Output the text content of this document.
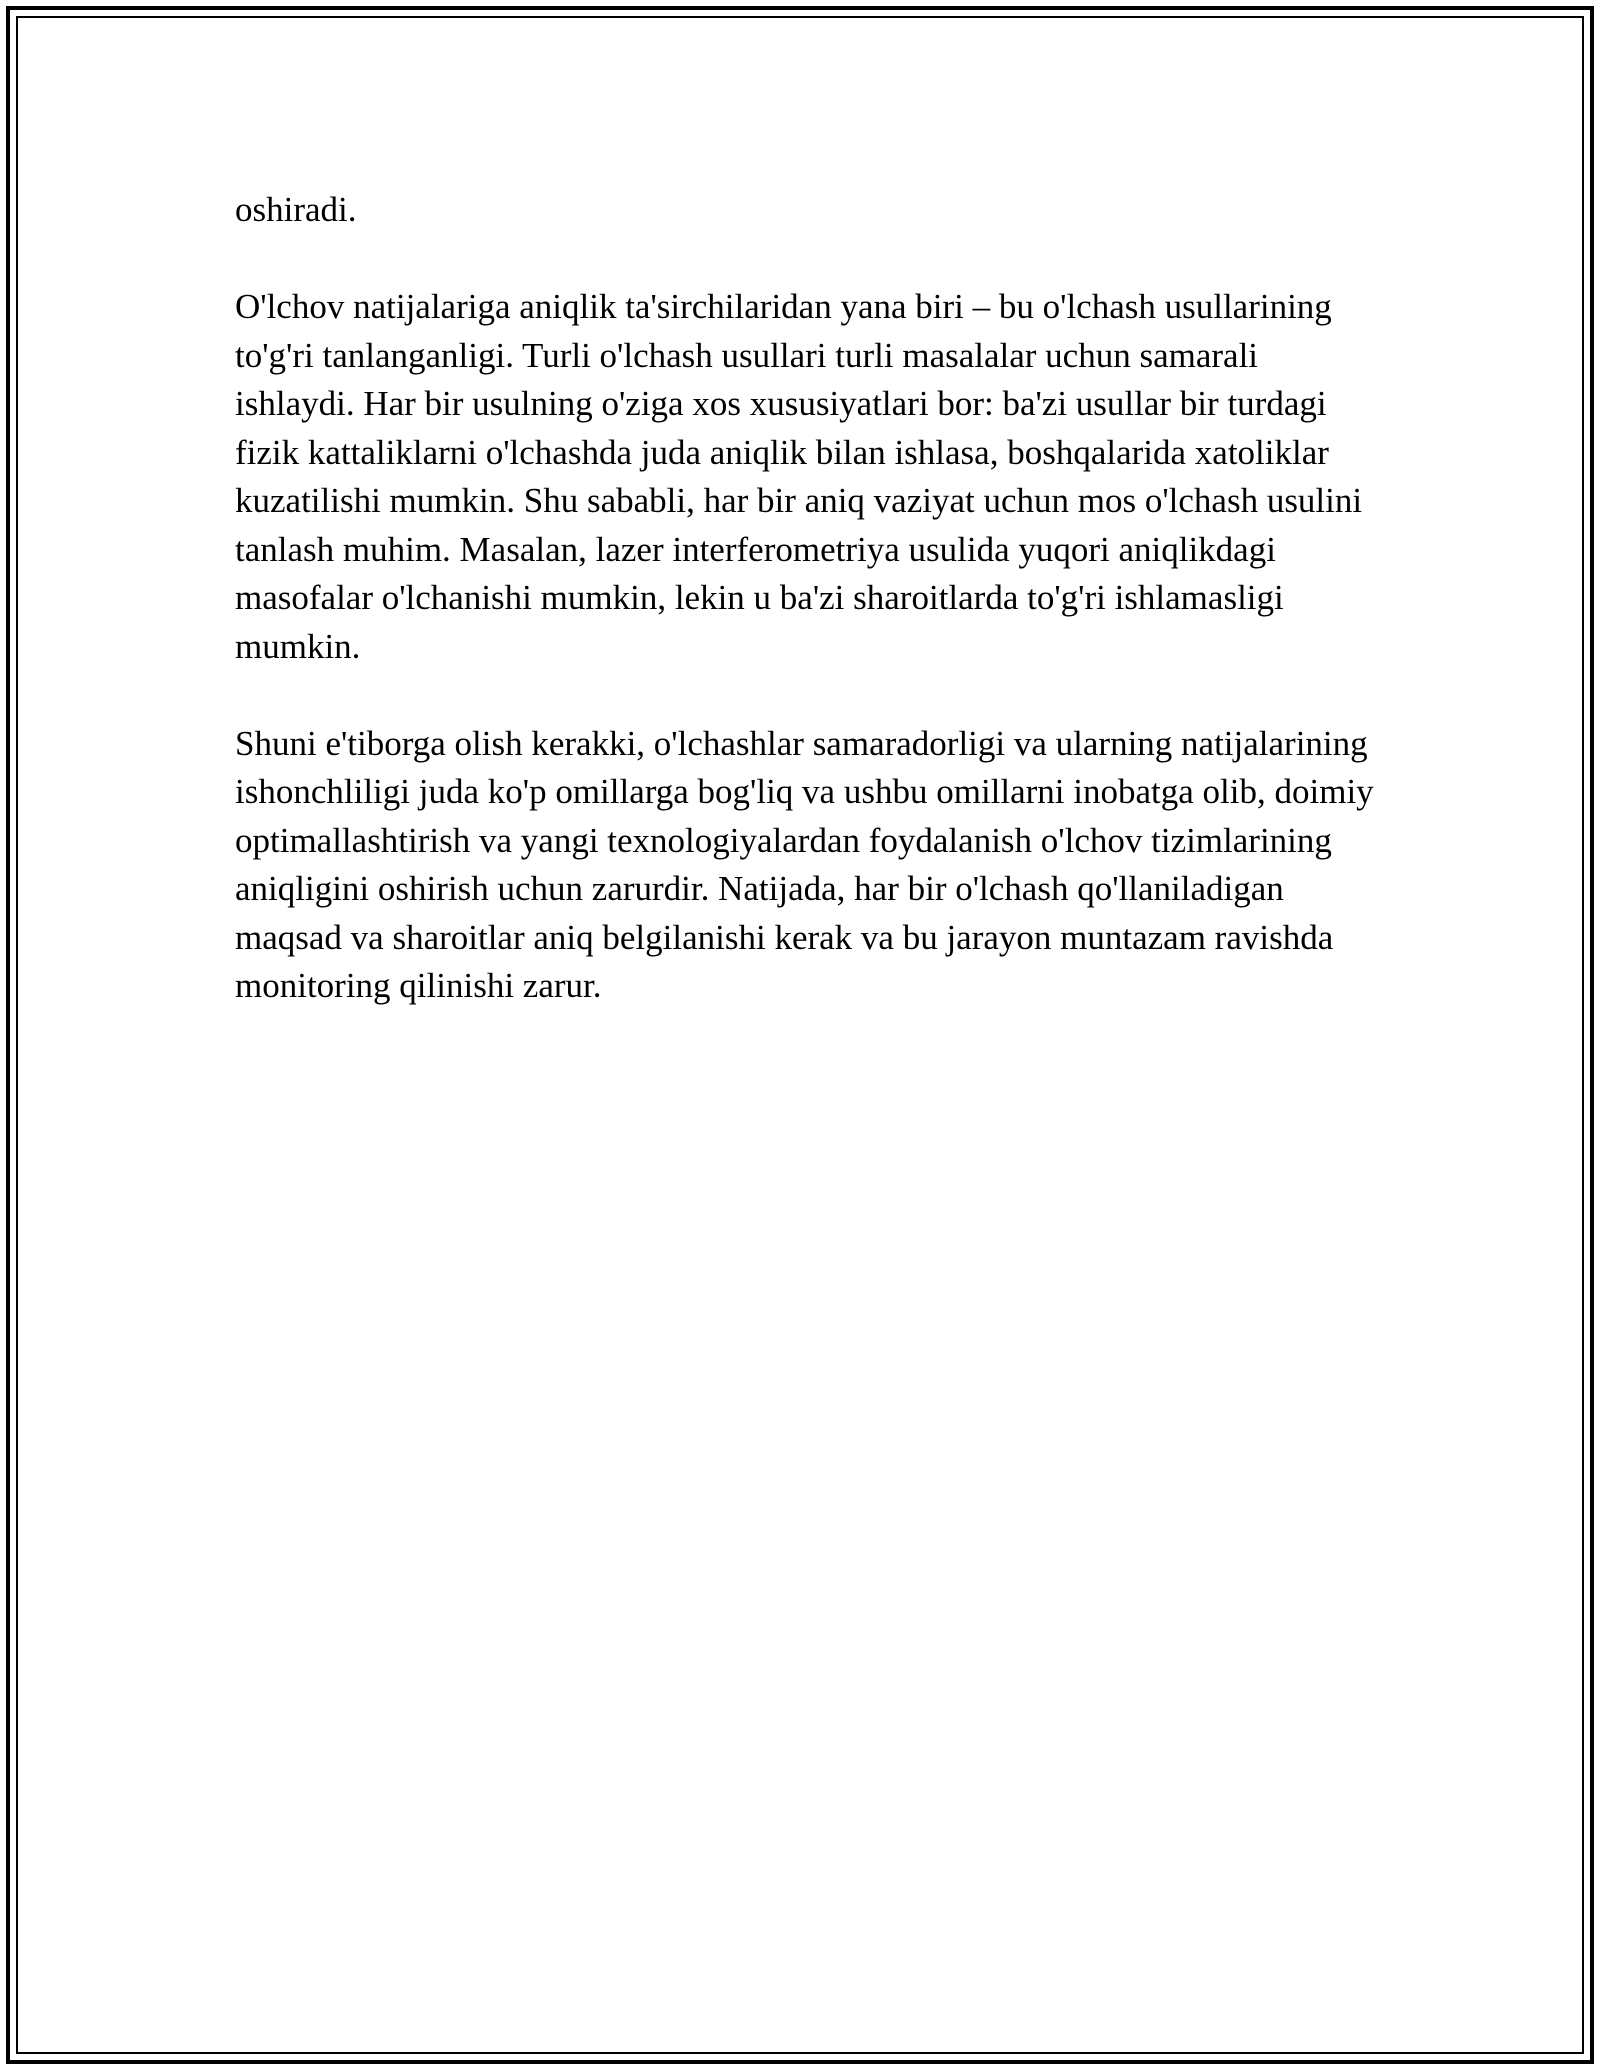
oshiradi.

O'lchov natijalariga aniqlik ta'sirchilaridan yana biri – bu o'lchash usullarining to'g'ri tanlanganligi. Turli o'lchash usullari turli masalalar uchun samarali ishlaydi. Har bir usulning o'ziga xos xususiyatlari bor: ba'zi usullar bir turdagi fizik kattaliklarni o'lchashda juda aniqlik bilan ishlasa, boshqalarida xatoliklar kuzatilishi mumkin. Shu sababli, har bir aniq vaziyat uchun mos o'lchash usulini tanlash muhim. Masalan, lazer interferometriya usulida yuqori aniqlikdagi masofalar o'lchanishi mumkin, lekin u ba'zi sharoitlarda to'g'ri ishlamasligi mumkin.

Shuni e'tiborga olish kerakki, o'lchashlar samaradorligi va ularning natijalarining ishonchliligi juda ko'p omillarga bog'liq va ushbu omillarni inobatga olib, doimiy optimallashtirish va yangi texnologiyalardan foydalanish o'lchov tizimlarining aniqligini oshirish uchun zarurdir. Natijada, har bir o'lchash qo'llaniladigan maqsad va sharoitlar aniq belgilanishi kerak va bu jarayon muntazam ravishda monitoring qilinishi zarur.
